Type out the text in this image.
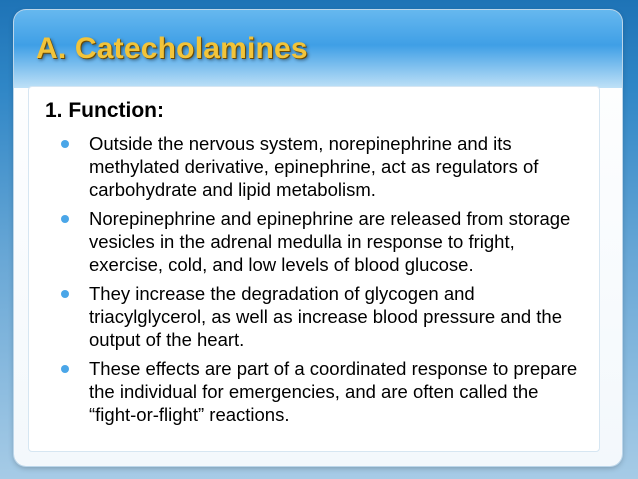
A. Catecholamines
1. Function:
Outside the nervous system, norepinephrine and its methylated derivative, epinephrine, act as regulators of carbohydrate and lipid metabolism.
Norepinephrine and epinephrine are released from storage vesicles in the adrenal medulla in response to fright, exercise, cold, and low levels of blood glucose.
They increase the degradation of glycogen and triacylglycerol, as well as increase blood pressure and the output of the heart.
These effects are part of a coordinated response to prepare the individual for emergencies, and are often called the “fight-or-flight” reactions.
